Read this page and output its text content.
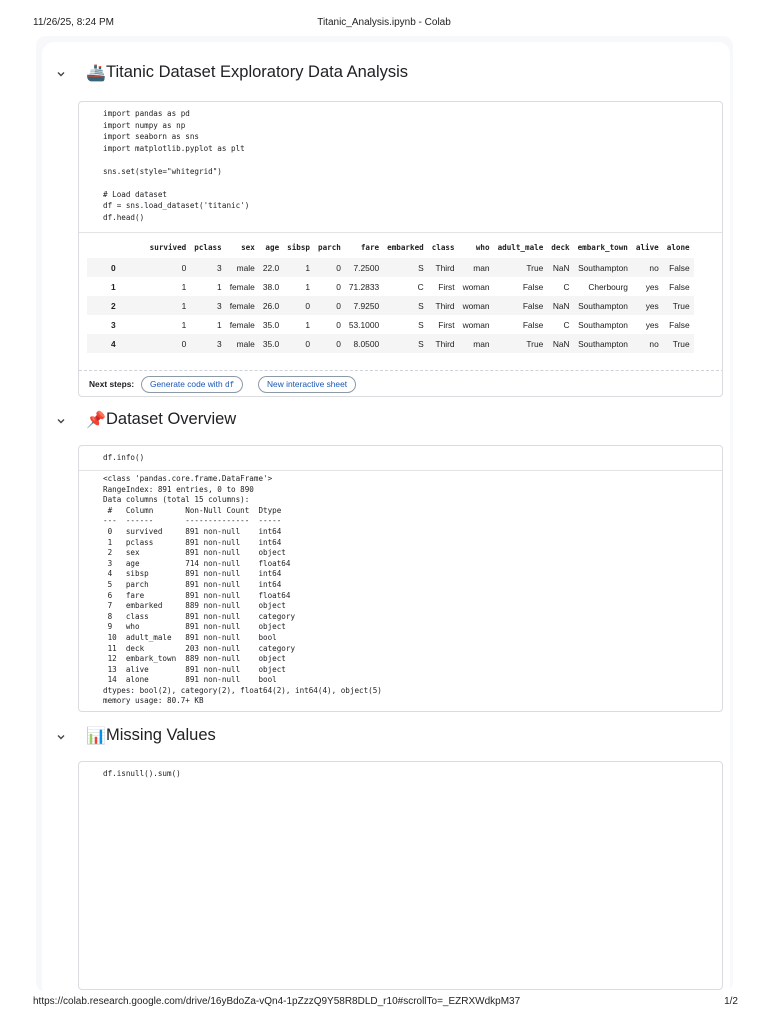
11/26/25, 8:24 PM	Titanic_Analysis.ipynb - Colab
🚢 Titanic Dataset Exploratory Data Analysis
import pandas as pd
import numpy as np
import seaborn as sns
import matplotlib.pyplot as plt

sns.set(style="whitegrid")

# Load dataset
df = sns.load_dataset('titanic')
df.head()
	survived	pclass	sex	age	sibsp	parch	fare	embarked	class	who	adult_male	deck	embark_town	alive	alone
0	0	3	male	22.0	1	0	7.2500	S	Third	man	True	NaN	Southampton	no	False
1	1	1	female	38.0	1	0	71.2833	C	First	woman	False	C	Cherbourg	yes	False
2	1	3	female	26.0	0	0	7.9250	S	Third	woman	False	NaN	Southampton	yes	True
3	1	1	female	35.0	1	0	53.1000	S	First	woman	False	C	Southampton	yes	False
4	0	3	male	35.0	0	0	8.0500	S	Third	man	True	NaN	Southampton	no	True
Next steps:	Generate code with df	New interactive sheet
📌 Dataset Overview
df.info()
<class 'pandas.core.frame.DataFrame'>
RangeIndex: 891 entries, 0 to 890
Data columns (total 15 columns):
#   Column       Non-Null Count  Dtype
---  ------       --------------  -----
0   survived     891 non-null    int64
1   pclass       891 non-null    int64
2   sex          891 non-null    object
3   age          714 non-null    float64
4   sibsp        891 non-null    int64
5   parch        891 non-null    int64
6   fare         891 non-null    float64
7   embarked     889 non-null    object
8   class        891 non-null    category
9   who          891 non-null    object
10  adult_male   891 non-null    bool
11  deck         203 non-null    category
12  embark_town  889 non-null    object
13  alive        891 non-null    object
14  alone        891 non-null    bool
dtypes: bool(2), category(2), float64(2), int64(4), object(5)
memory usage: 80.7+ KB
📊 Missing Values
df.isnull().sum()
https://colab.research.google.com/drive/16yBdoZa-vQn4-1pZzzQ9Y58R8DLD_r10#scrollTo=_EZRXWdkpM37	1/2
